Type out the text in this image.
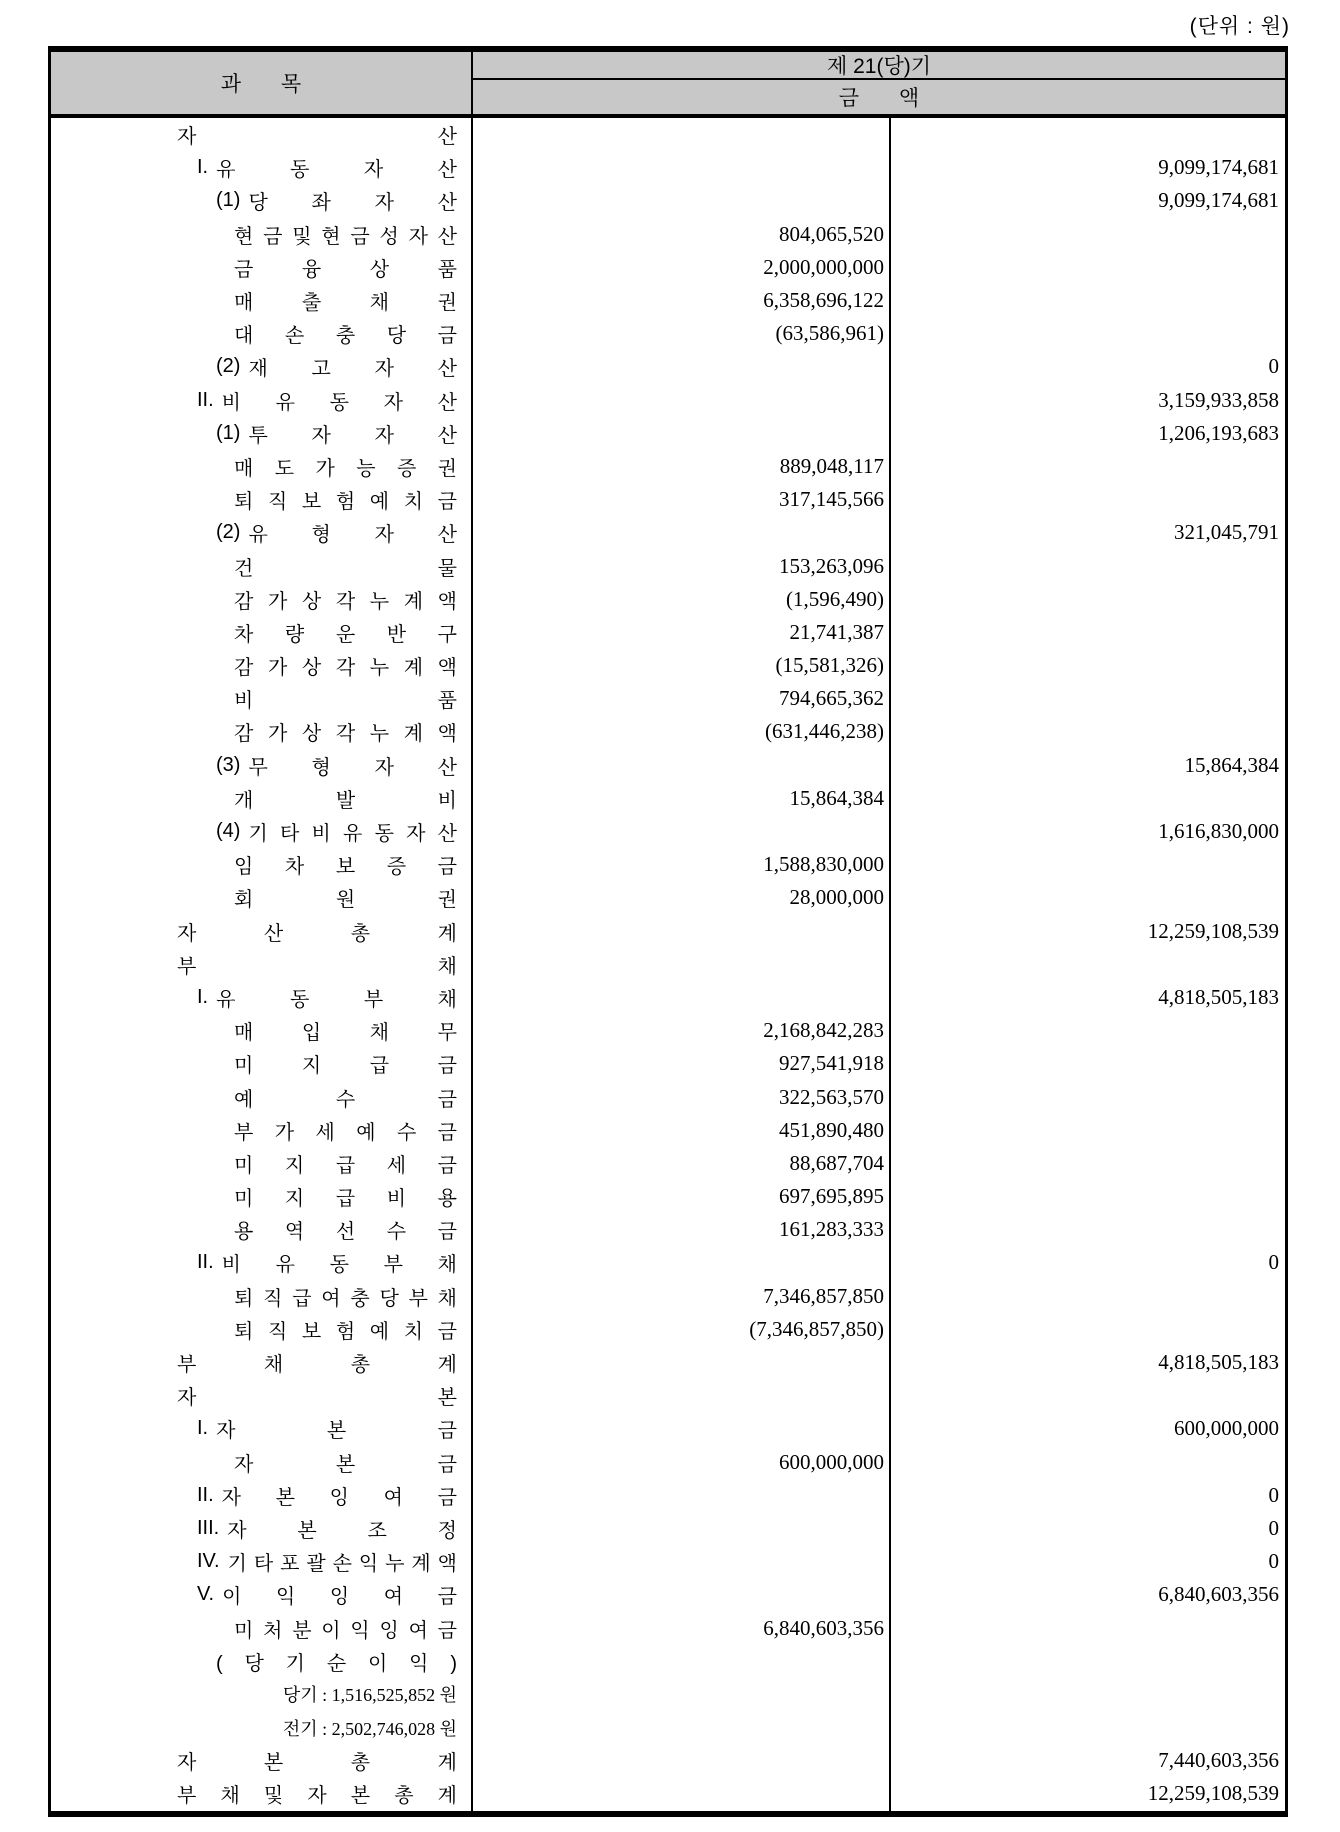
(단위 : 원)
과 목
제 21(당)기
금 액
자 산
I. 유 동 자 산	9,099,174,681
(1) 당 좌 자 산	9,099,174,681
현 금 및 현 금 성 자 산	804,065,520
금 융 상 품	2,000,000,000
매 출 채 권	6,358,696,122
대 손 충 당 금	(63,586,961)
(2) 재 고 자 산	0
II. 비 유 동 자 산	3,159,933,858
(1) 투 자 자 산	1,206,193,683
매 도 가 능 증 권	889,048,117
퇴 직 보 험 예 치 금	317,145,566
(2) 유 형 자 산	321,045,791
건 물	153,263,096
감 가 상 각 누 계 액	(1,596,490)
차 량 운 반 구	21,741,387
감 가 상 각 누 계 액	(15,581,326)
비 품	794,665,362
감 가 상 각 누 계 액	(631,446,238)
(3) 무 형 자 산	15,864,384
개 발 비	15,864,384
(4) 기 타 비 유 동 자 산	1,616,830,000
임 차 보 증 금	1,588,830,000
회 원 권	28,000,000
자 산 총 계	12,259,108,539
부 채
I. 유 동 부 채	4,818,505,183
매 입 채 무	2,168,842,283
미 지 급 금	927,541,918
예 수 금	322,563,570
부 가 세 예 수 금	451,890,480
미 지 급 세 금	88,687,704
미 지 급 비 용	697,695,895
용 역 선 수 금	161,283,333
II. 비 유 동 부 채	0
퇴 직 급 여 충 당 부 채	7,346,857,850
퇴 직 보 험 예 치 금	(7,346,857,850)
부 채 총 계	4,818,505,183
자 본
I. 자 본 금	600,000,000
자 본 금	600,000,000
II. 자 본 잉 여 금	0
III. 자 본 조 정	0
IV. 기 타 포 괄 손 익 누 계 액	0
V. 이 익 잉 여 금	6,840,603,356
미 처 분 이 익 잉 여 금	6,840,603,356
( 당 기 순 이 익 )
당기 : 1,516,525,852 원
전기 : 2,502,746,028 원
자 본 총 계	7,440,603,356
부 채 및 자 본 총 계	12,259,108,539
